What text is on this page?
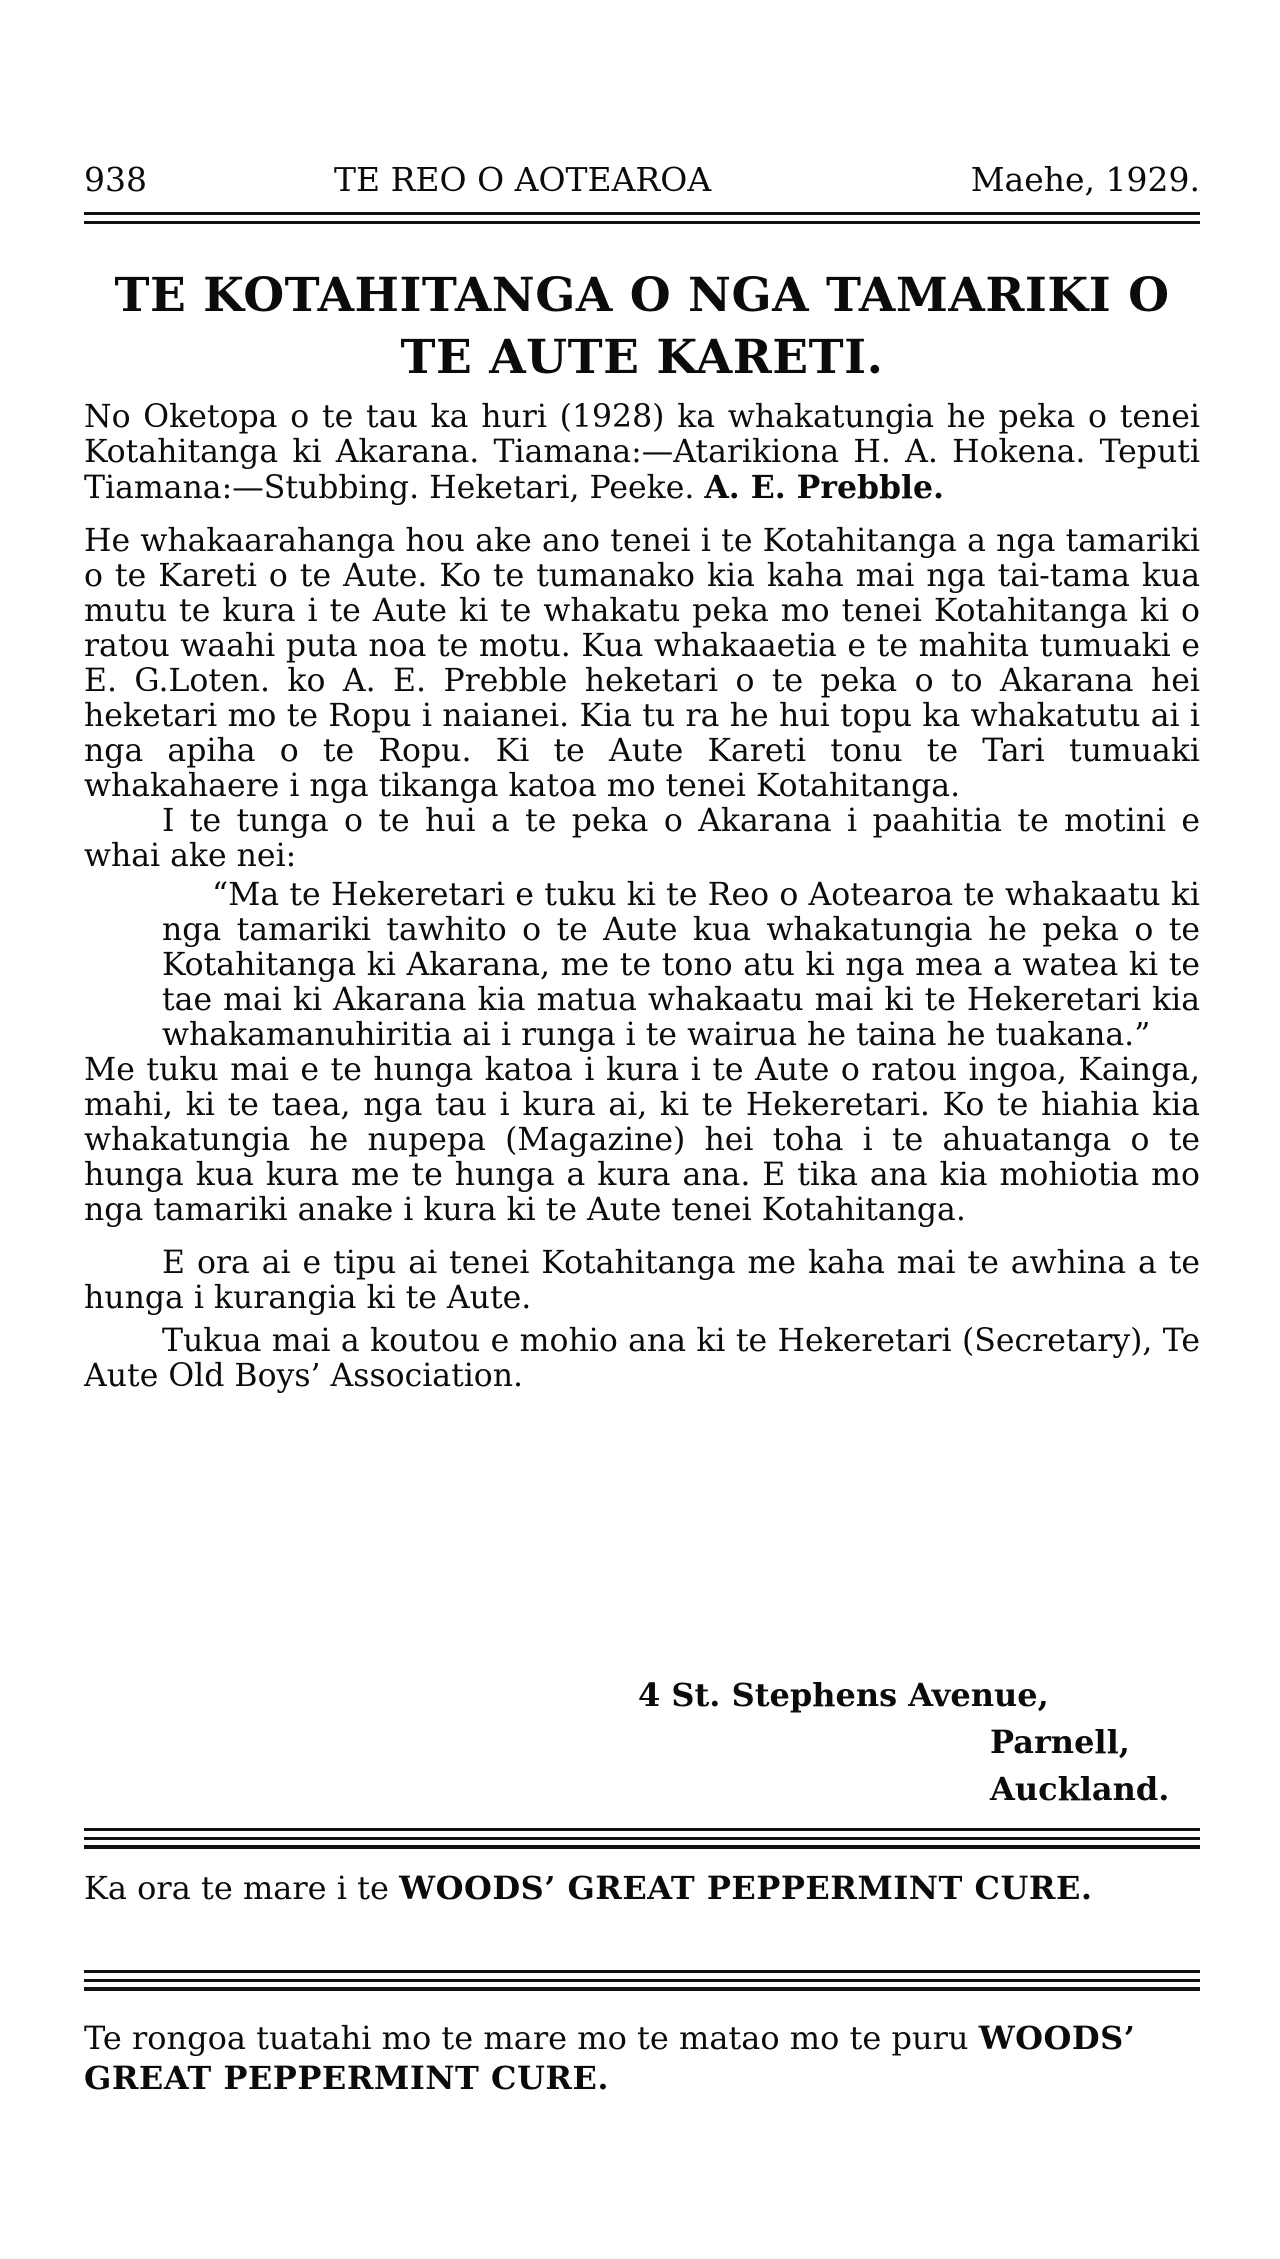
938	TE REO O AOTEAROA	Maehe, 1929.
TE KOTAHITANGA O NGA TAMARIKI O TE AUTE KARETI.

No Oketopa o te tau ka huri (1928) ka whakatungia he peka o tenei Kotahitanga ki Akarana. Tiamana:—Atarikiona H. A. Hokena. Teputi Tiamana:—Stubbing. Heketari, Peeke. A. E. Prebble.

He whakaarahanga hou ake ano tenei i te Kotahitanga a nga tamariki o te Kareti o te Aute. Ko te tumanako kia kaha mai nga tai-tama kua mutu te kura i te Aute ki te whakatu peka mo tenei Kotahitanga ki o ratou waahi puta noa te motu. Kua whakaaetia e te mahita tumuaki e E. G.Loten. ko A. E. Prebble heketari o te peka o to Akarana hei heketari mo te Ropu i naianei. Kia tu ra he hui topu ka whakatutu ai i nga apiha o te Ropu. Ki te Aute Kareti tonu te Tari tumuaki whakahaere i nga tikanga katoa mo tenei Kotahitanga.

I te tunga o te hui a te peka o Akarana i paahitia te motini e whai ake nei:

“Ma te Hekeretari e tuku ki te Reo o Aotearoa te whakaatu ki nga tamariki tawhito o te Aute kua whakatungia he peka o te Kotahitanga ki Akarana, me te tono atu ki nga mea a watea ki te tae mai ki Akarana kia matua whakaatu mai ki te Hekeretari kia whakamanuhiritia ai i runga i te wairua he taina he tuakana.”

Me tuku mai e te hunga katoa i kura i te Aute o ratou ingoa, Kainga, mahi, ki te taea, nga tau i kura ai, ki te Hekeretari. Ko te hiahia kia whakatungia he nupepa (Magazine) hei toha i te ahuatanga o te hunga kua kura me te hunga a kura ana. E tika ana kia mohiotia mo nga tamariki anake i kura ki te Aute tenei Kotahitanga.

E ora ai e tipu ai tenei Kotahitanga me kaha mai te awhina a te hunga i kurangia ki te Aute.

Tukua mai a koutou e mohio ana ki te Hekeretari (Secretary), Te Aute Old Boys’ Association.

4 St. Stephens Avenue,
Parnell,
Auckland.
Ka ora te mare i te WOODS’ GREAT PEPPERMINT CURE.
Te rongoa tuatahi mo te mare mo te matao mo te puru WOODS’ GREAT PEPPERMINT CURE.
